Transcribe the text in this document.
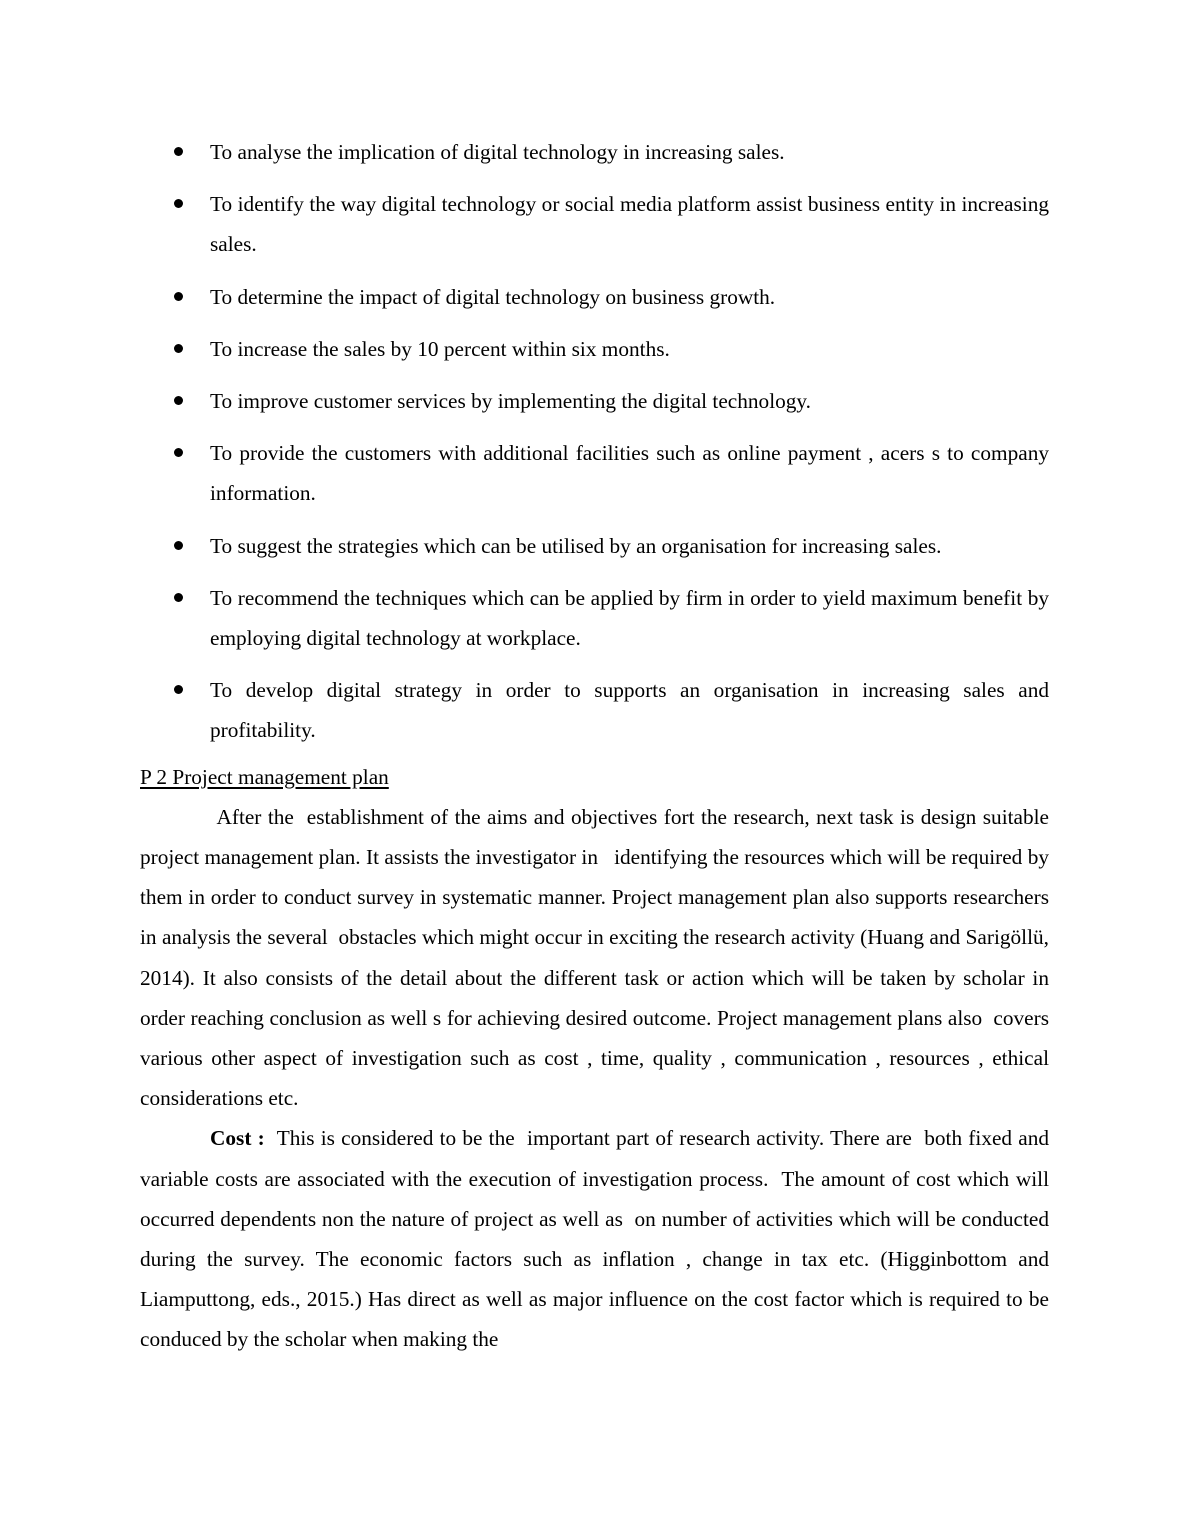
To analyse the implication of digital technology in increasing sales.
To identify the way digital technology or social media platform assist business entity in increasing sales.
To determine the impact of digital technology on business growth.
To increase the sales by 10 percent within six months.
To improve customer services by implementing the digital technology.
To provide the customers with additional facilities such as online payment , acers s to company information.
To suggest the strategies which can be utilised by an organisation for increasing sales.
To recommend the techniques which can be applied by firm in order to yield maximum benefit by employing digital technology at workplace.
To develop digital strategy in order to supports an organisation in increasing sales and profitability.
P 2 Project management plan

After the  establishment of the aims and objectives fort the research, next task is design suitable project management plan. It assists the investigator in   identifying the resources which will be required by them in order to conduct survey in systematic manner. Project management plan also supports researchers in analysis the several  obstacles which might occur in exciting the research activity (Huang and Sarigöllü, 2014). It also consists of the detail about the different task or action which will be taken by scholar in order reaching conclusion as well s for achieving desired outcome. Project management plans also  covers various other aspect of investigation such as cost , time, quality , communication , resources , ethical considerations etc.

Cost :  This is considered to be the  important part of research activity. There are  both fixed and variable costs are associated with the execution of investigation process.  The amount of cost which will  occurred dependents non the nature of project as well as  on number of activities which will be conducted during the survey. The economic factors such as inflation , change in tax etc. (Higginbottom and Liamputtong, eds., 2015.) Has direct as well as major influence on the cost factor which is required to be conduced by the scholar when making the
